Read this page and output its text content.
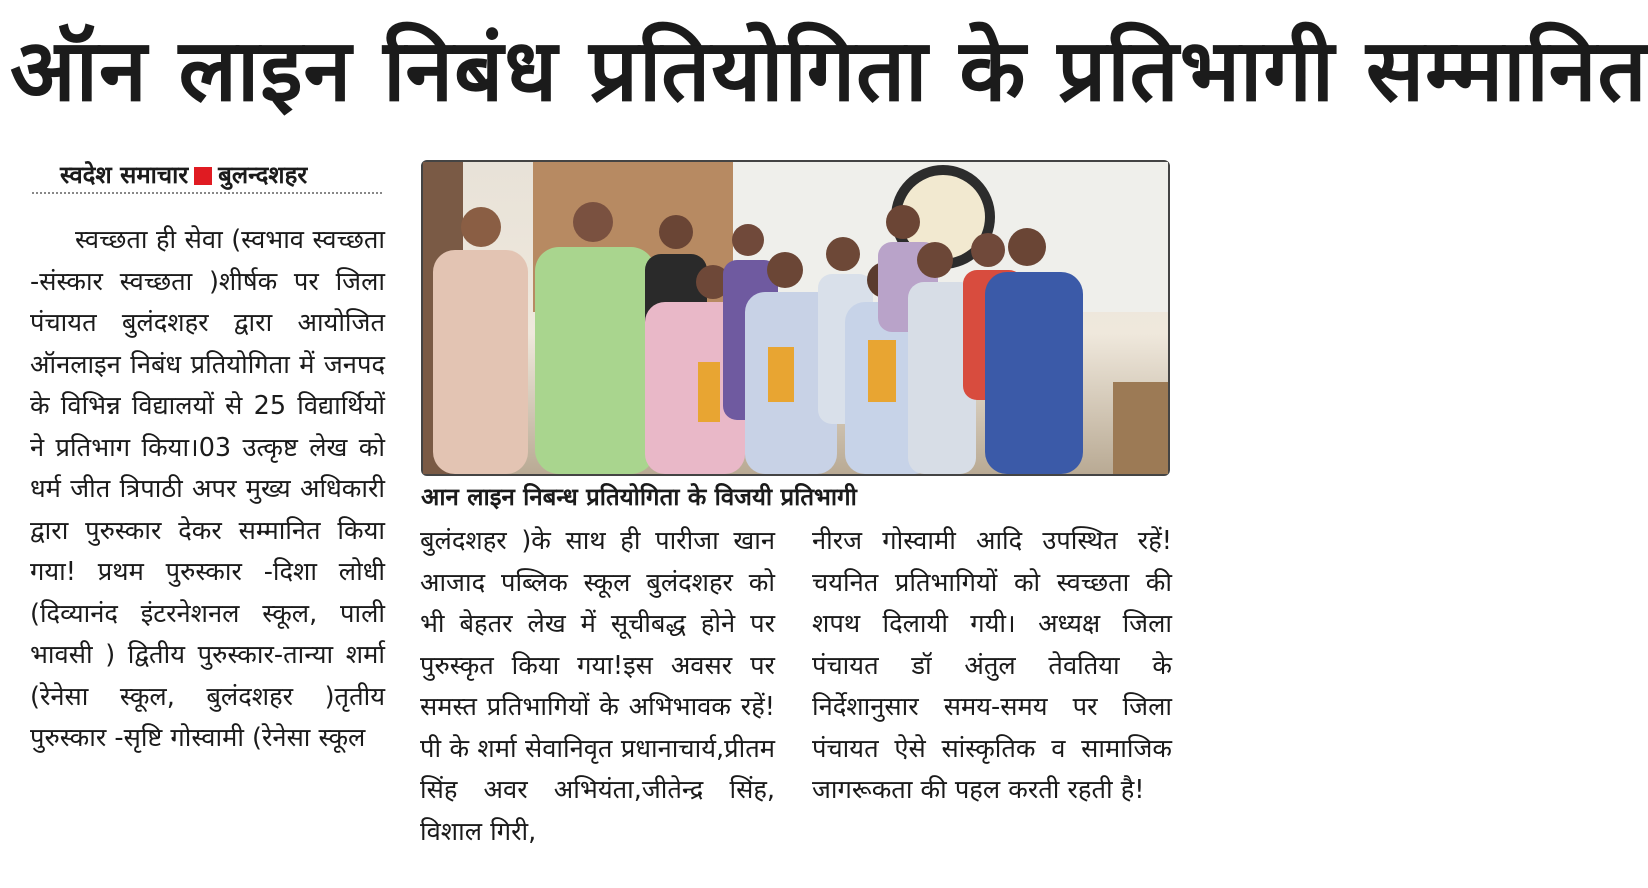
ऑन लाइन निबंध प्रतियोगिता के प्रतिभागी सम्मानित
स्वदेश समाचार बुलन्दशहर
स्वच्छता ही सेवा (स्वभाव स्वच्छता -संस्कार स्वच्छता )शीर्षक पर जिला पंचायत बुलंदशहर द्वारा आयोजित ऑनलाइन निबंध प्रतियोगिता में जनपद के विभिन्न विद्यालयों से 25 विद्यार्थियों ने प्रतिभाग किया।03 उत्कृष्ट लेख को धर्म जीत त्रिपाठी अपर मुख्य अधिकारी द्वारा पुरुस्कार देकर सम्मानित किया गया! प्रथम पुरुस्कार -दिशा लोधी (दिव्यानंद इंटरनेशनल स्कूल, पाली भावसी ) द्वितीय पुरुस्कार-तान्या शर्मा (रेनेसा स्कूल, बुलंदशहर )तृतीय पुरुस्कार -सृष्टि गोस्वामी (रेनेसा स्कूल
आन लाइन निबन्ध प्रतियोगिता के विजयी प्रतिभागी
बुलंदशहर )के साथ ही पारीजा खान आजाद पब्लिक स्कूल बुलंदशहर को भी बेहतर लेख में सूचीबद्ध होने पर पुरुस्कृत किया गया!इस अवसर पर समस्त प्रतिभागियों के अभिभावक रहें! पी के शर्मा सेवानिवृत प्रधानाचार्य,प्रीतम सिंह अवर अभियंता,जीतेन्द्र सिंह, विशाल गिरी,
नीरज गोस्वामी आदि उपस्थित रहें! चयनित प्रतिभागियों को स्वच्छता की शपथ दिलायी गयी। अध्यक्ष जिला पंचायत डॉ अंतुल तेवतिया के निर्देशानुसार समय-समय पर जिला पंचायत ऐसे सांस्कृतिक व सामाजिक जागरूकता की पहल करती रहती है!
